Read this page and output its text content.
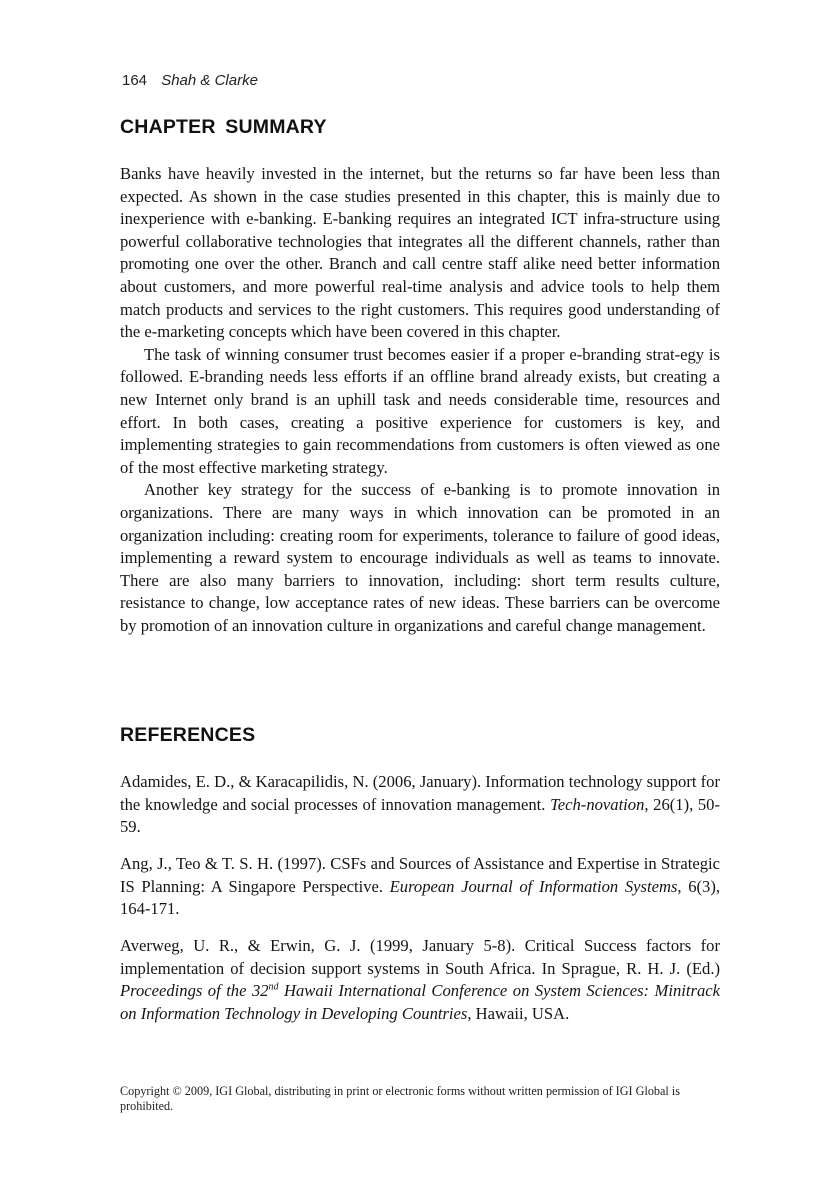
164 Shah & Clarke
CHAPTER SUMMARY

Banks have heavily invested in the internet, but the returns so far have been less than expected. As shown in the case studies presented in this chapter, this is mainly due to inexperience with e-banking. E-banking requires an integrated ICT infra-structure using powerful collaborative technologies that integrates all the different channels, rather than promoting one over the other. Branch and call centre staff alike need better information about customers, and more powerful real-time analysis and advice tools to help them match products and services to the right customers. This requires good understanding of the e-marketing concepts which have been covered in this chapter.

The task of winning consumer trust becomes easier if a proper e-branding strat-egy is followed. E-branding needs less efforts if an offline brand already exists, but creating a new Internet only brand is an uphill task and needs considerable time, resources and effort. In both cases, creating a positive experience for customers is key, and implementing strategies to gain recommendations from customers is often viewed as one of the most effective marketing strategy.

Another key strategy for the success of e-banking is to promote innovation in organizations. There are many ways in which innovation can be promoted in an organization including: creating room for experiments, tolerance to failure of good ideas, implementing a reward system to encourage individuals as well as teams to innovate. There are also many barriers to innovation, including: short term results culture, resistance to change, low acceptance rates of new ideas. These barriers can be overcome by promotion of an innovation culture in organizations and careful change management.

REFERENCES

Adamides, E. D., & Karacapilidis, N. (2006, January). Information technology support for the knowledge and social processes of innovation management. Tech-novation, 26(1), 50-59.

Ang, J., Teo & T. S. H. (1997). CSFs and Sources of Assistance and Expertise in Strategic IS Planning: A Singapore Perspective. European Journal of Information Systems, 6(3), 164-171.

Averweg, U. R., & Erwin, G. J. (1999, January 5-8). Critical Success factors for implementation of decision support systems in South Africa. In Sprague, R. H. J. (Ed.) Proceedings of the 32nd Hawaii International Conference on System Sciences: Minitrack on Information Technology in Developing Countries, Hawaii, USA.

Copyright © 2009, IGI Global, distributing in print or electronic forms without written permission of IGI Global is prohibited.
